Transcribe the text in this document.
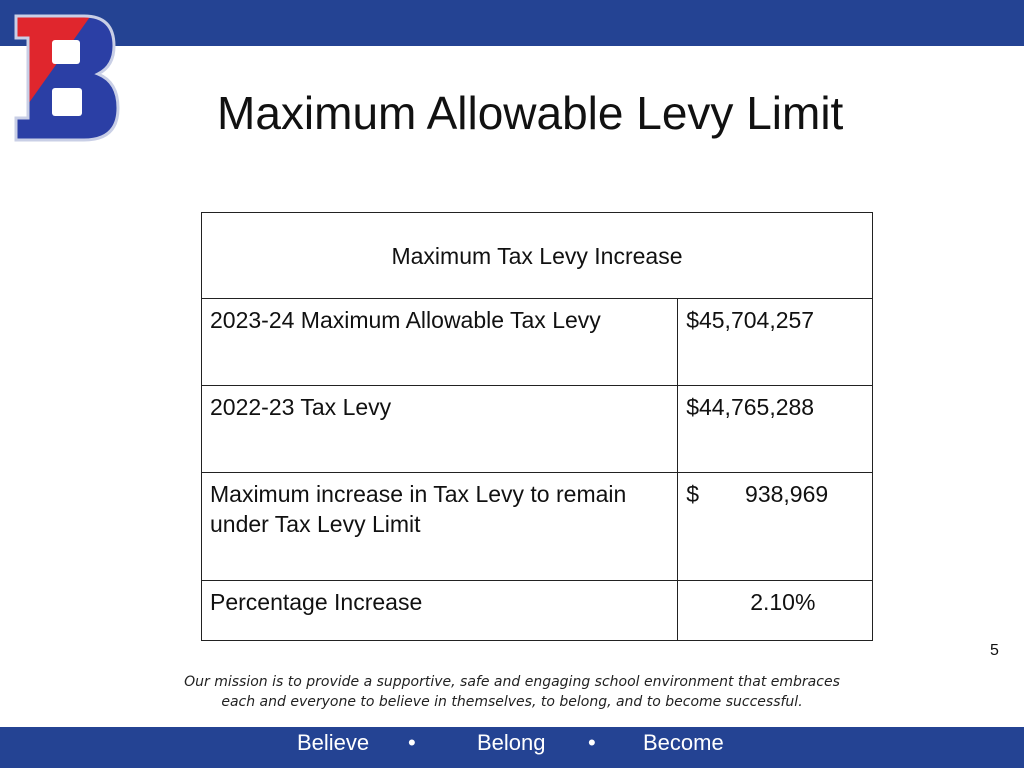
Maximum Allowable Levy Limit
Maximum Tax Levy Increase	
2023-24 Maximum Allowable Tax Levy	$45,704,257
2022-23 Tax Levy	$44,765,288
Maximum increase in Tax Levy to remain under Tax Levy Limit	$ 938,969

Percentage Increase	2.10%
5
Our mission is to provide a supportive, safe and engaging school environment that embraces
each and everyone to believe in themselves, to belong, and to become successful.
Believe •	Belong • Become
